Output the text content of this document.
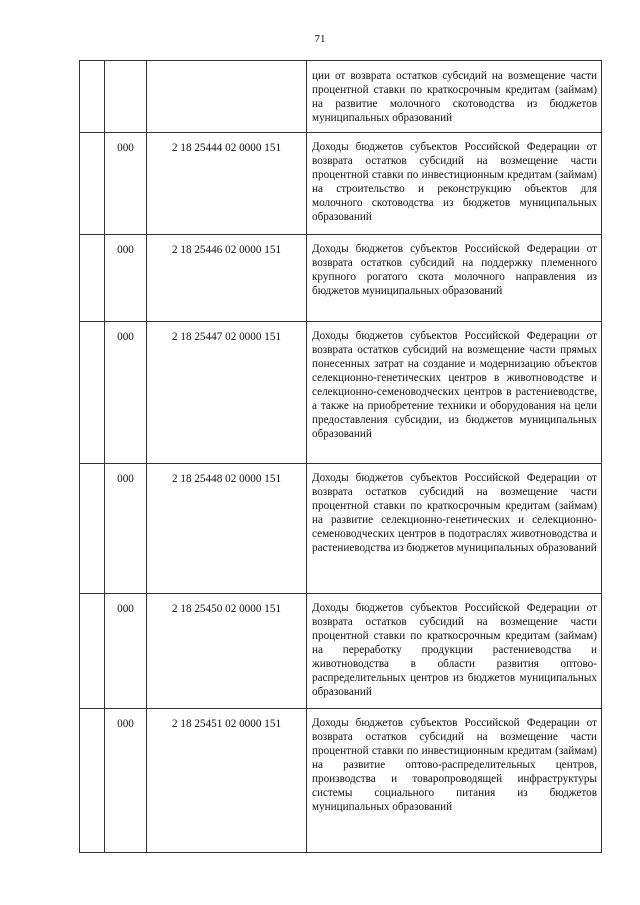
71
			ции от возврата остатков субсидий на возмещение части процентной ставки по краткосрочным кредитам (займам) на развитие молочного скотоводства из бюджетов муниципальных образований
	000	2 18 25444 02 0000 151	Доходы бюджетов субъектов Российской Федерации от возврата остатков субсидий на возмещение части процентной ставки по инвестиционным кредитам (займам) на строительство и реконструкцию объектов для молочного скотоводства из бюджетов муниципальных образований
	000	2 18 25446 02 0000 151	Доходы бюджетов субъектов Российской Федерации от возврата остатков субсидий на поддержку племенного крупного рогатого скота молочного направления из бюджетов муниципальных образований
	000	2 18 25447 02 0000 151	Доходы бюджетов субъектов Российской Федерации от возврата остатков субсидий на возмещение части прямых понесенных затрат на создание и модернизацию объектов селекционно-генетических центров в животноводстве и селекционно-семеноводческих центров в растениеводстве, а также на приобретение техники и оборудования на цели предоставления субсидии, из бюджетов муниципальных образований
	000	2 18 25448 02 0000 151	Доходы бюджетов субъектов Российской Федерации от возврата остатков субсидий на возмещение части процентной ставки по краткосрочным кредитам (займам) на развитие селекционно-генетических и селекционно-семеноводческих центров в подотраслях животноводства и растениеводства из бюджетов муниципальных образований
	000	2 18 25450 02 0000 151	Доходы бюджетов субъектов Российской Федерации от возврата остатков субсидий на возмещение части процентной ставки по краткосрочным кредитам (займам) на переработку продукции растениеводства и животноводства в области развития оптово-распределительных центров из бюджетов муниципальных образований
	000	2 18 25451 02 0000 151	Доходы бюджетов субъектов Российской Федерации от возврата остатков субсидий на возмещение части процентной ставки по инвестиционным кредитам (займам) на развитие оптово-распределительных центров, производства и товаропроводящей инфраструктуры системы социального питания из бюджетов муниципальных образований
